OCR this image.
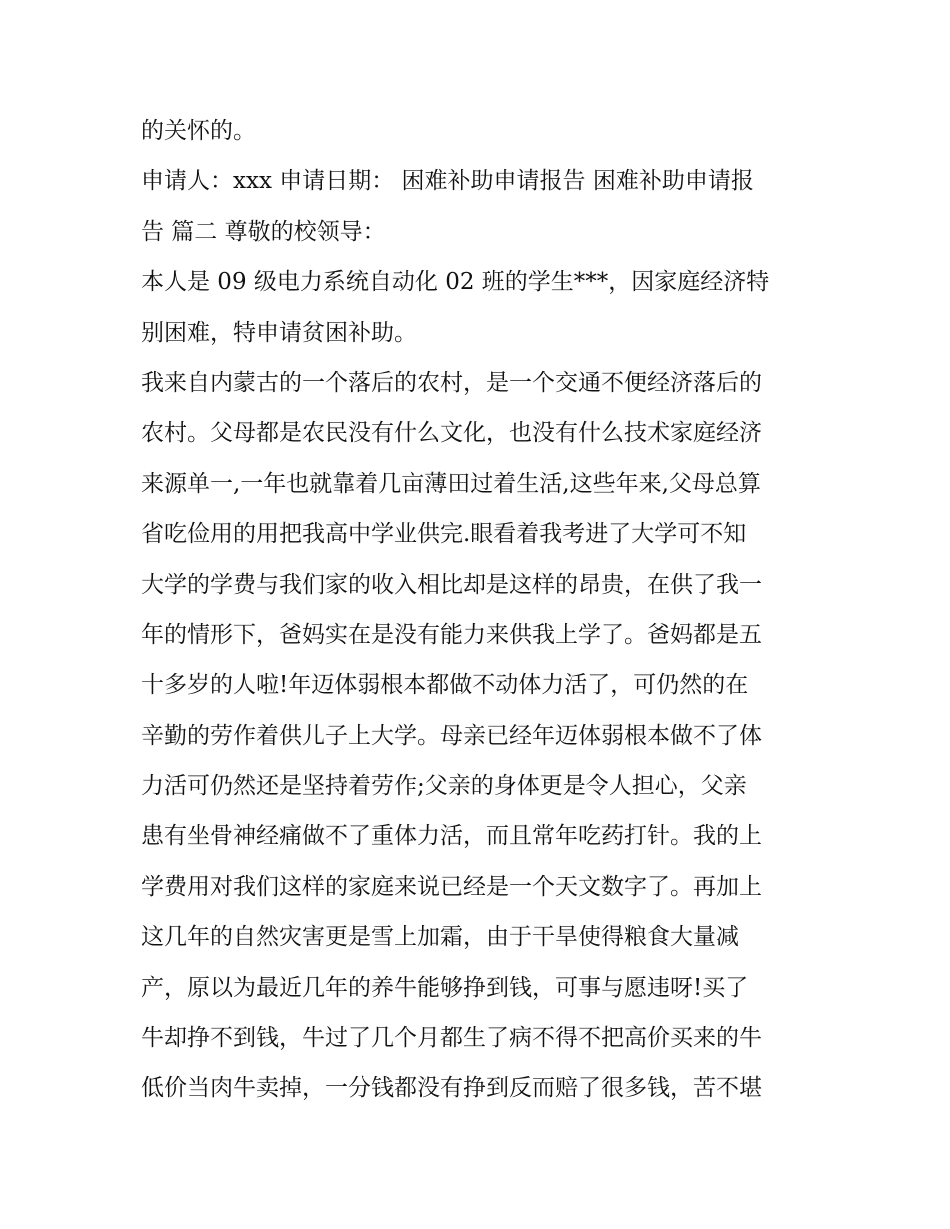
的关怀的。
申请人：xxx 申请日期： 困难补助申请报告 困难补助申请报
告 篇二 尊敬的校领导：
本人是 09 级电力系统自动化 02 班的学生***，因家庭经济特
别困难，特申请贫困补助。
我来自内蒙古的一个落后的农村，是一个交通不便经济落后的
农村。父母都是农民没有什么文化，也没有什么技术家庭经济
来源单一,一年也就靠着几亩薄田过着生活,这些年来,父母总算
省吃俭用的用把我高中学业供完.眼看着我考进了大学可不知
大学的学费与我们家的收入相比却是这样的昂贵，在供了我一
年的情形下，爸妈实在是没有能力来供我上学了。爸妈都是五
十多岁的人啦!年迈体弱根本都做不动体力活了，可仍然的在
辛勤的劳作着供儿子上大学。母亲已经年迈体弱根本做不了体
力活可仍然还是坚持着劳作;父亲的身体更是令人担心，父亲
患有坐骨神经痛做不了重体力活，而且常年吃药打针。我的上
学费用对我们这样的家庭来说已经是一个天文数字了。再加上
这几年的自然灾害更是雪上加霜，由于干旱使得粮食大量减
产，原以为最近几年的养牛能够挣到钱，可事与愿违呀!买了
牛却挣不到钱，牛过了几个月都生了病不得不把高价买来的牛
低价当肉牛卖掉，一分钱都没有挣到反而赔了很多钱，苦不堪
